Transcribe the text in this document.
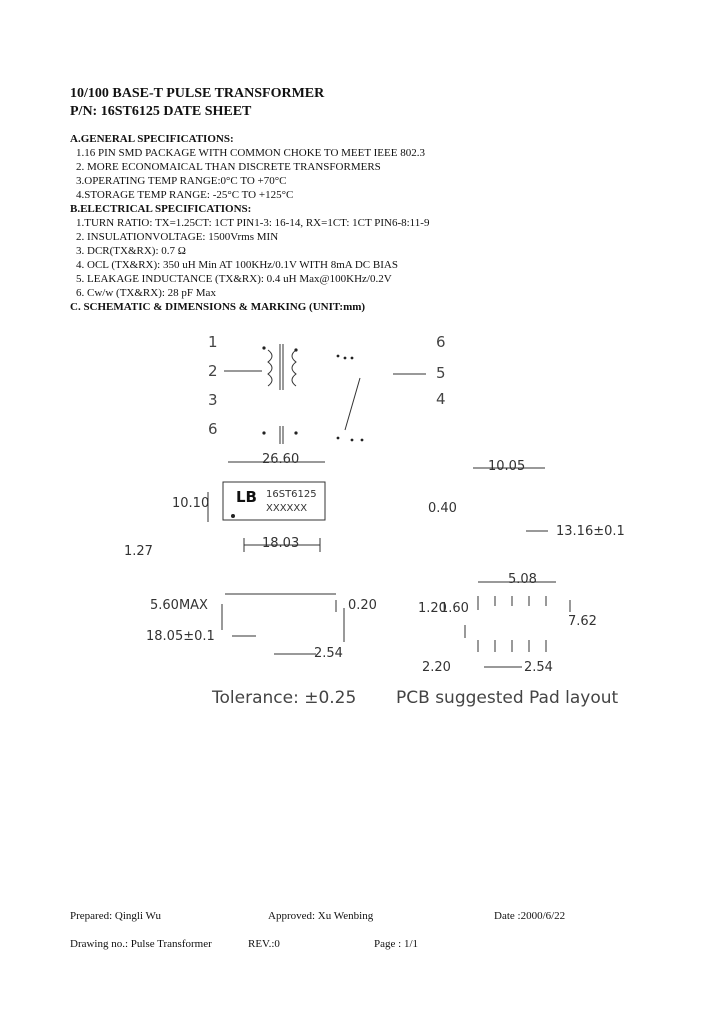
10/100 BASE-T PULSE TRANSFORMER
P/N: 16ST6125 DATE SHEET
A.GENERAL SPECIFICATIONS:
1.16 PIN SMD PACKAGE WITH COMMON CHOKE TO MEET IEEE 802.3
2. MORE ECONOMAICAL THAN DISCRETE TRANSFORMERS
3.OPERATING TEMP RANGE:0°C TO +70°C
4.STORAGE TEMP RANGE: -25°C TO +125°C
B.ELECTRICAL SPECIFICATIONS:
1.TURN RATIO: TX=1.25CT: 1CT PIN1-3: 16-14, RX=1CT: 1CT PIN6-8:11-9
2. INSULATIONVOLTAGE: 1500Vrms MIN
3. DCR(TX&RX): 0.7 Ω
4. OCL (TX&RX): 350 uH Min AT 100KHz/0.1V WITH 8mA DC BIAS
5. LEAKAGE INDUCTANCE (TX&RX): 0.4 uH Max@100KHz/0.2V
6. Cw/w (TX&RX): 28 pF Max
C. SCHEMATIC & DIMENSIONS & MARKING (UNIT:mm)
1
2
3
6
6
5
4
26.60	10.05
10.10 LB 16ST6125
XXXXXX	0.40
1.27
18.03
13.16±0.1
5.60MAX	0.20
18.05±0.1
2.54
1.20
5.08
1.60
7.62
2.20	2.54
Tolerance: ±0.25 PCB suggested Pad layout
Prepared: Qingli Wu	Approved: Xu Wenbing	Date :2000/6/22
Drawing no.: Pulse Transformer	REV.:0	Page : 1/1
